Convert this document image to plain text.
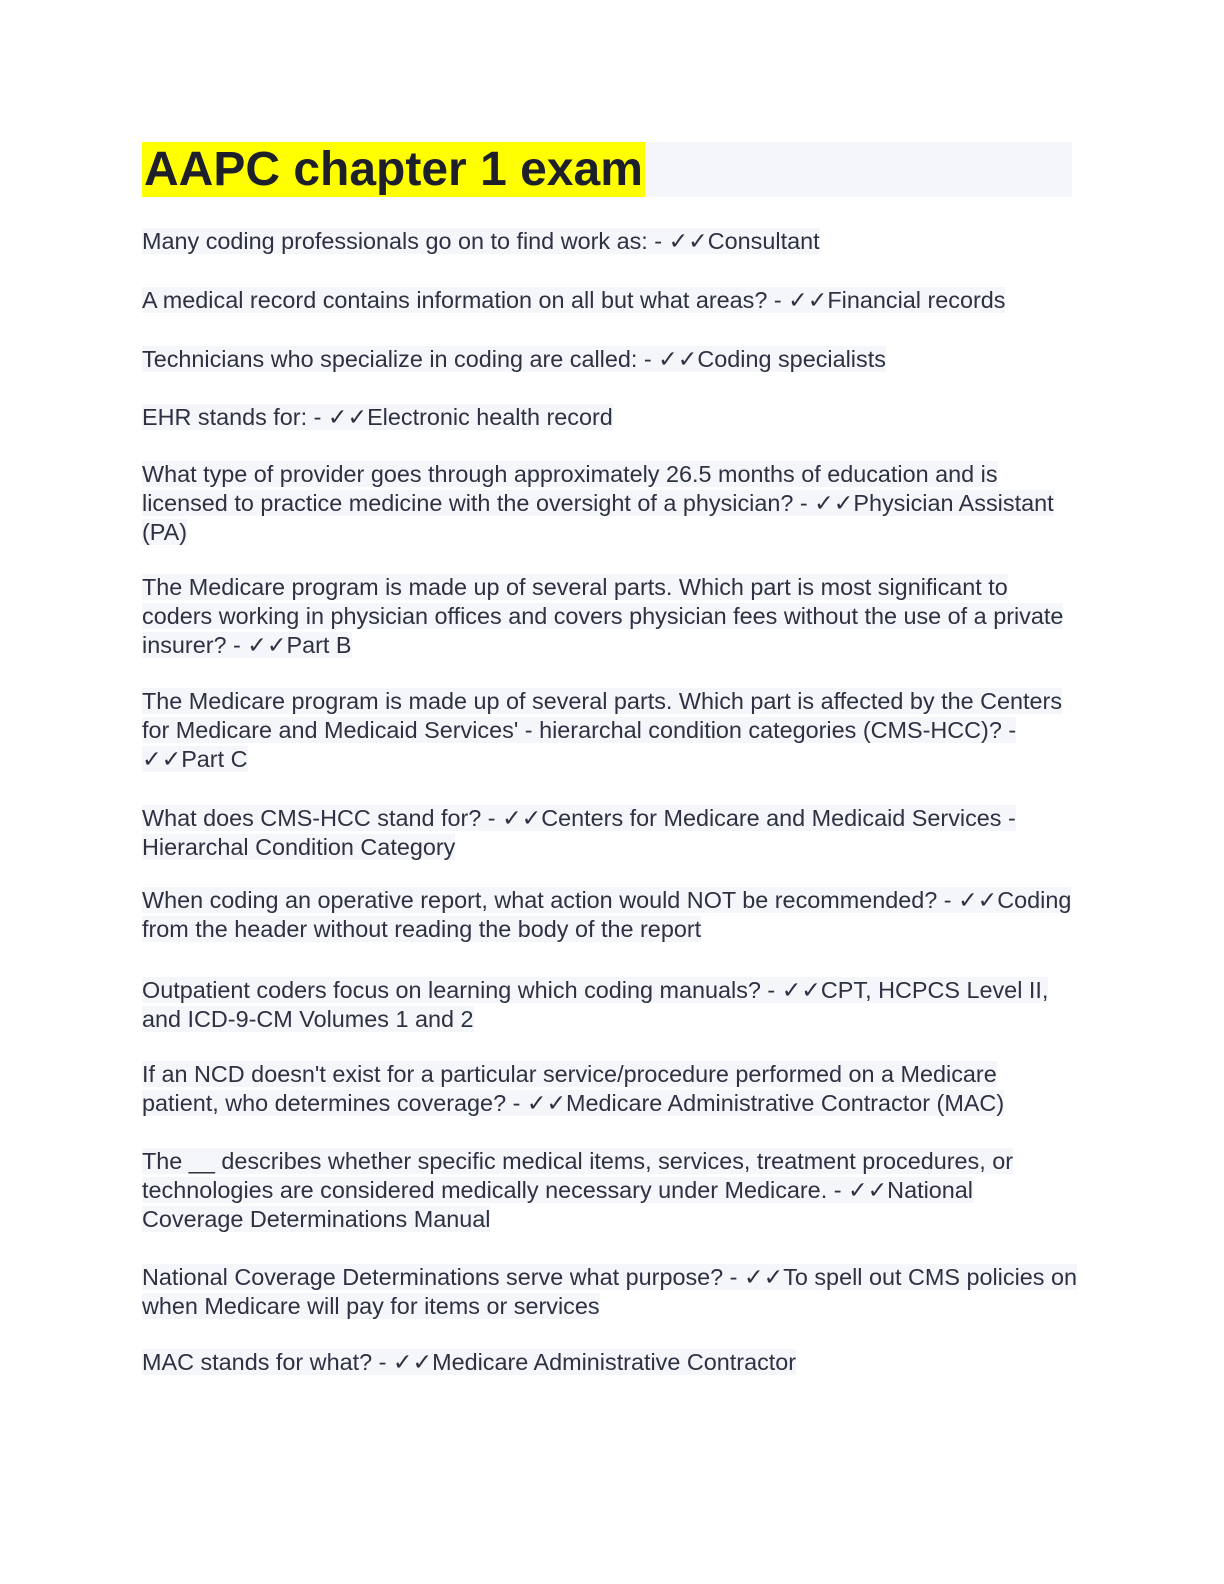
AAPC chapter 1 exam

Many coding professionals go on to find work as: - ✓✓Consultant

A medical record contains information on all but what areas? - ✓✓Financial records

Technicians who specialize in coding are called: - ✓✓Coding specialists

EHR stands for: - ✓✓Electronic health record

What type of provider goes through approximately 26.5 months of education and is licensed to practice medicine with the oversight of a physician? - ✓✓Physician Assistant (PA)

The Medicare program is made up of several parts. Which part is most significant to coders working in physician offices and covers physician fees without the use of a private insurer? - ✓✓Part B

The Medicare program is made up of several parts. Which part is affected by the Centers for Medicare and Medicaid Services' - hierarchal condition categories (CMS-HCC)? - ✓✓Part C

What does CMS-HCC stand for? - ✓✓Centers for Medicare and Medicaid Services - Hierarchal Condition Category

When coding an operative report, what action would NOT be recommended? - ✓✓Coding from the header without reading the body of the report

Outpatient coders focus on learning which coding manuals? - ✓✓CPT, HCPCS Level II, and ICD-9-CM Volumes 1 and 2

If an NCD doesn't exist for a particular service/procedure performed on a Medicare patient, who determines coverage? - ✓✓Medicare Administrative Contractor (MAC)

The __ describes whether specific medical items, services, treatment procedures, or technologies are considered medically necessary under Medicare. - ✓✓National Coverage Determinations Manual

National Coverage Determinations serve what purpose? - ✓✓To spell out CMS policies on when Medicare will pay for items or services

MAC stands for what? - ✓✓Medicare Administrative Contractor
